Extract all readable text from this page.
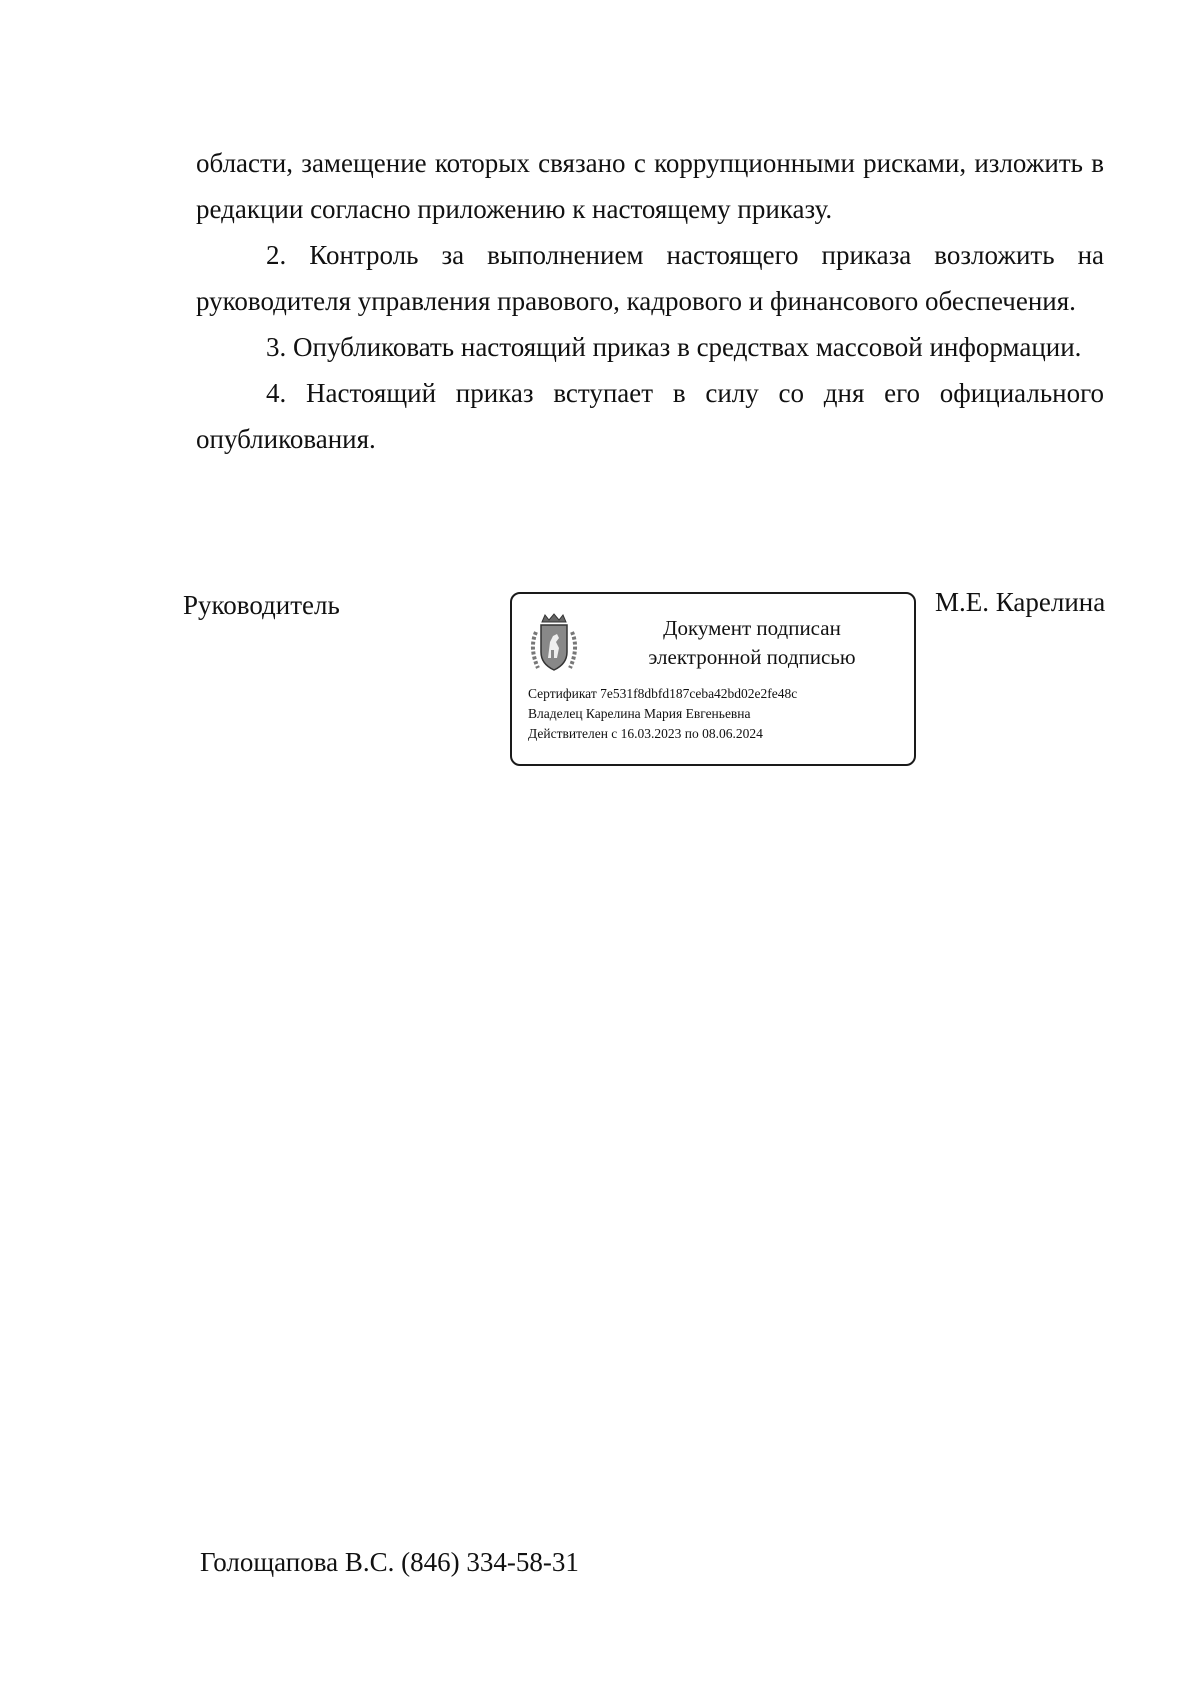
области, замещение которых связано с коррупционными рисками, изложить в редакции согласно приложению к настоящему приказу.

2. Контроль за выполнением настоящего приказа возложить на руководителя управления правового, кадрового и финансового обеспечения.

3. Опубликовать настоящий приказ в средствах массовой информации.

4. Настоящий приказ вступает в силу со дня его официального опубликования.

Руководитель
Документ подписан
электронной подписью
Сертификат 7e531f8dbfd187ceba42bd02e2fe48c
Владелец Карелина Мария Евгеньевна
Действителен с 16.03.2023 по 08.06.2024
М.Е. Карелина
Голощапова В.С. (846) 334-58-31
